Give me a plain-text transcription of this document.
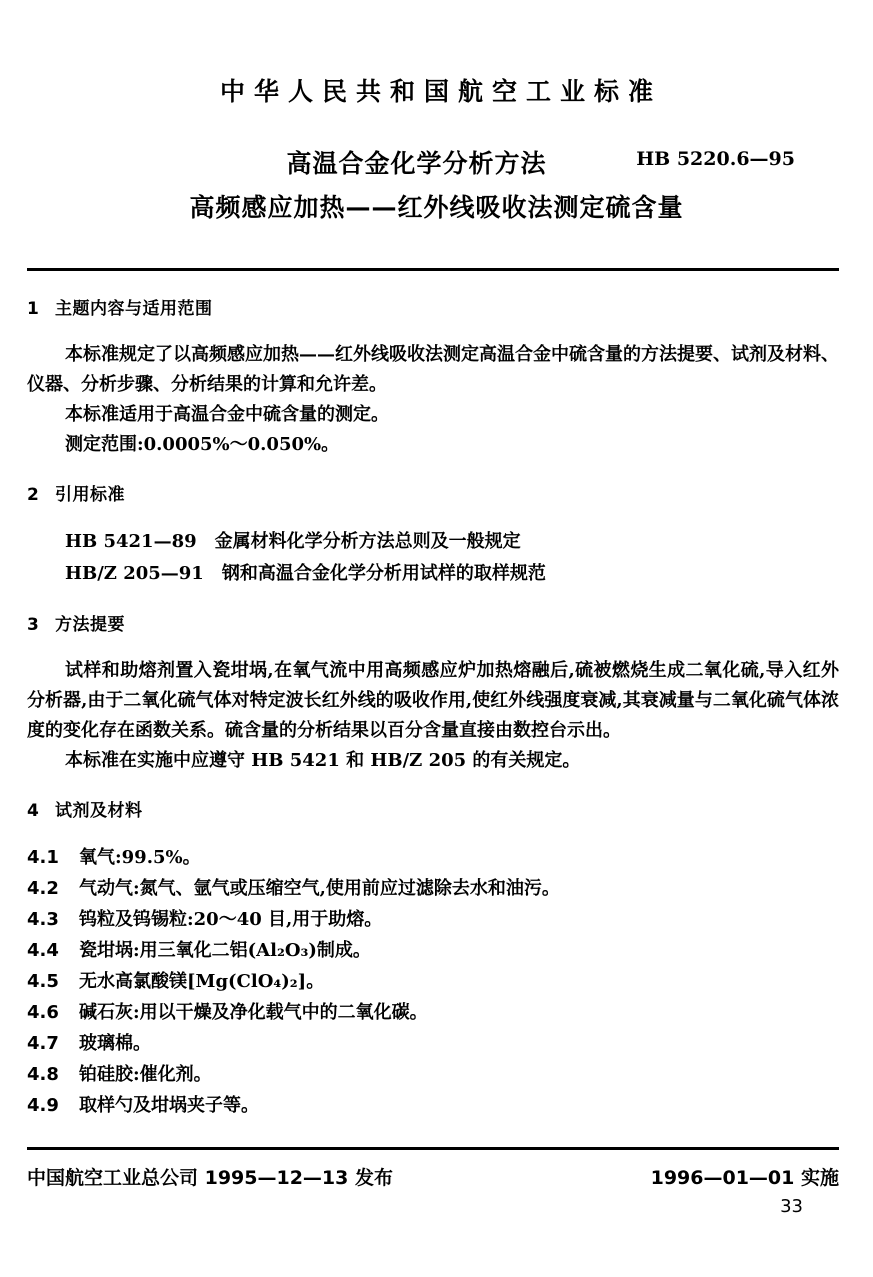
中华人民共和国航空工业标准
高温合金化学分析方法
高频感应加热——红外线吸收法测定硫含量
HB 5220.6—95
1 主题内容与适用范围

本标准规定了以高频感应加热——红外线吸收法测定高温合金中硫含量的方法提要、试剂及材料、仪器、分析步骤、分析结果的计算和允许差。

本标准适用于高温合金中硫含量的测定。

测定范围:0.0005%～0.050%。

2 引用标准
HB 5421—89 金属材料化学分析方法总则及一般规定
HB/Z 205—91 钢和高温合金化学分析用试样的取样规范
3 方法提要

试样和助熔剂置入瓷坩埚,在氧气流中用高频感应炉加热熔融后,硫被燃烧生成二氧化硫,导入红外分析器,由于二氧化硫气体对特定波长红外线的吸收作用,使红外线强度衰减,其衰减量与二氧化硫气体浓度的变化存在函数关系。硫含量的分析结果以百分含量直接由数控台示出。

本标准在实施中应遵守 HB 5421 和 HB/Z 205 的有关规定。

4 试剂及材料
4.1 氧气:99.5%。
4.2 气动气:氮气、氩气或压缩空气,使用前应过滤除去水和油污。
4.3 钨粒及钨锡粒:20～40 目,用于助熔。
4.4 瓷坩埚:用三氧化二铝(Al₂O₃)制成。
4.5 无水高氯酸镁[Mg(ClO₄)₂]。
4.6 碱石灰:用以干燥及净化载气中的二氧化碳。
4.7 玻璃棉。
4.8 铂硅胶:催化剂。
4.9 取样勺及坩埚夹子等。
中国航空工业总公司 1995—12—13 发布	1996—01—01 实施
33
